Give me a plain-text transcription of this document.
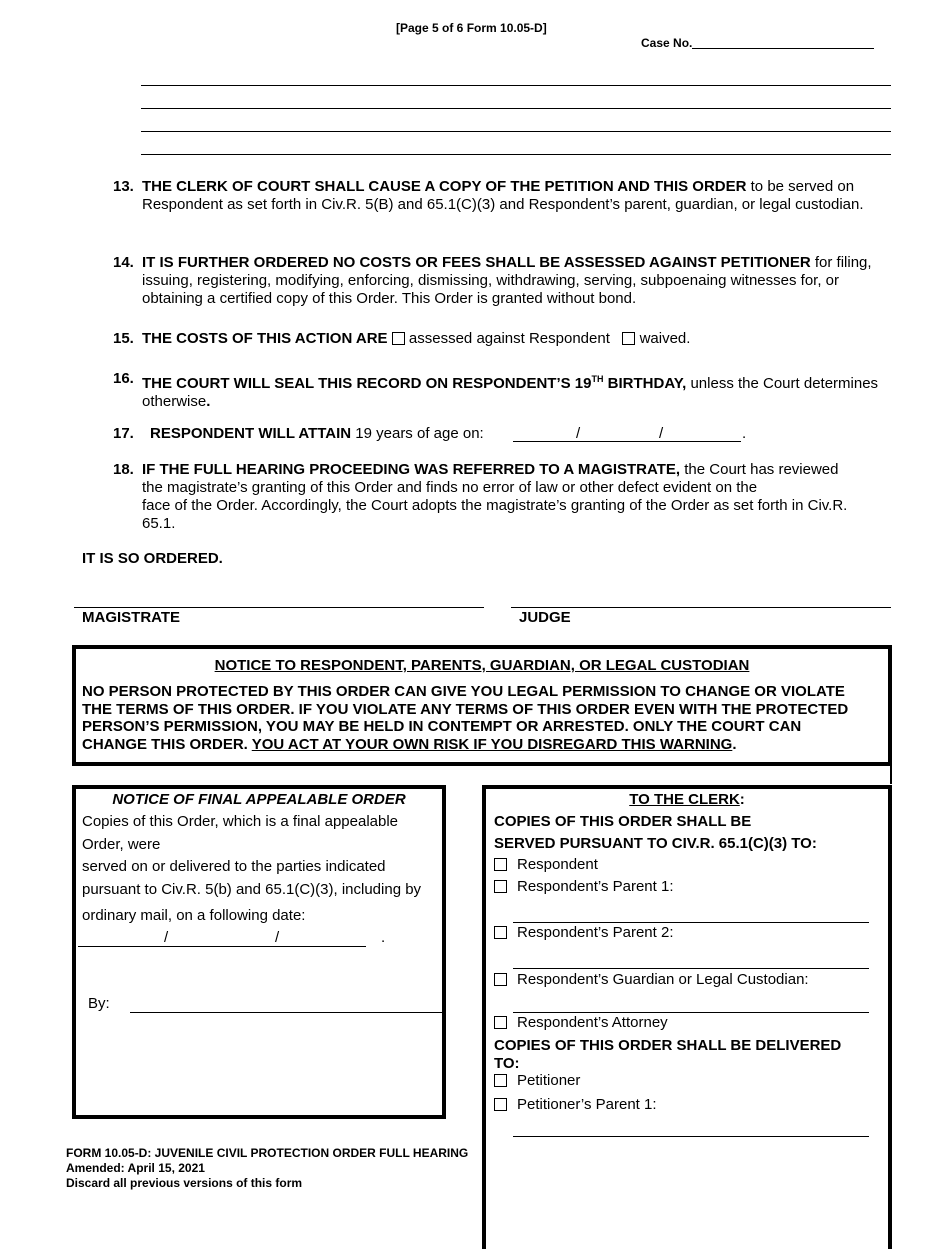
[Page 5 of 6 Form 10.05-D]
Case No.
13. THE CLERK OF COURT SHALL CAUSE A COPY OF THE PETITION AND THIS ORDER to be served on Respondent as set forth in Civ.R. 5(B) and 65.1(C)(3) and Respondent’s parent, guardian, or legal custodian.
14. IT IS FURTHER ORDERED NO COSTS OR FEES SHALL BE ASSESSED AGAINST PETITIONER for filing, issuing, registering, modifying, enforcing, dismissing, withdrawing, serving, subpoenaing witnesses for, or obtaining a certified copy of this Order. This Order is granted without bond.
15. THE COSTS OF THIS ACTION ARE assessed against Respondent waived.
16. THE COURT WILL SEAL THIS RECORD ON RESPONDENT’S 19TH BIRTHDAY, unless the Court determines otherwise.
17. RESPONDENT WILL ATTAIN 19 years of age on:	/	/	.
18. IF THE FULL HEARING PROCEEDING WAS REFERRED TO A MAGISTRATE, the Court has reviewed
the magistrate’s granting of this Order and finds no error of law or other defect evident on the
face of the Order. Accordingly, the Court adopts the magistrate’s granting of the Order as set forth in Civ.R.
65.1.
IT IS SO ORDERED.
MAGISTRATE	JUDGE
NOTICE TO RESPONDENT, PARENTS, GUARDIAN, OR LEGAL CUSTODIAN
NO PERSON PROTECTED BY THIS ORDER CAN GIVE YOU LEGAL PERMISSION TO CHANGE OR VIOLATE
THE TERMS OF THIS ORDER. IF YOU VIOLATE ANY TERMS OF THIS ORDER EVEN WITH THE PROTECTED
PERSON’S PERMISSION, YOU MAY BE HELD IN CONTEMPT OR ARRESTED. ONLY THE COURT CAN
CHANGE THIS ORDER. YOU ACT AT YOUR OWN RISK IF YOU DISREGARD THIS WARNING.
NOTICE OF FINAL APPEALABLE ORDER
Copies of this Order, which is a final appealable
Order, were
served on or delivered to the parties indicated
pursuant to Civ.R. 5(b) and 65.1(C)(3), including by
ordinary mail, on a following date:
/	/	.
By:
TO THE CLERK:
COPIES OF THIS ORDER SHALL BE
SERVED PURSUANT TO CIV.R. 65.1(C)(3) TO:
Respondent
Respondent’s Parent 1:
Respondent’s Parent 2:
Respondent’s Guardian or Legal Custodian:
Respondent’s Attorney
COPIES OF THIS ORDER SHALL BE DELIVERED
TO:
Petitioner
Petitioner’s Parent 1:
FORM 10.05-D: JUVENILE CIVIL PROTECTION ORDER FULL HEARING
Amended: April 15, 2021
Discard all previous versions of this form
